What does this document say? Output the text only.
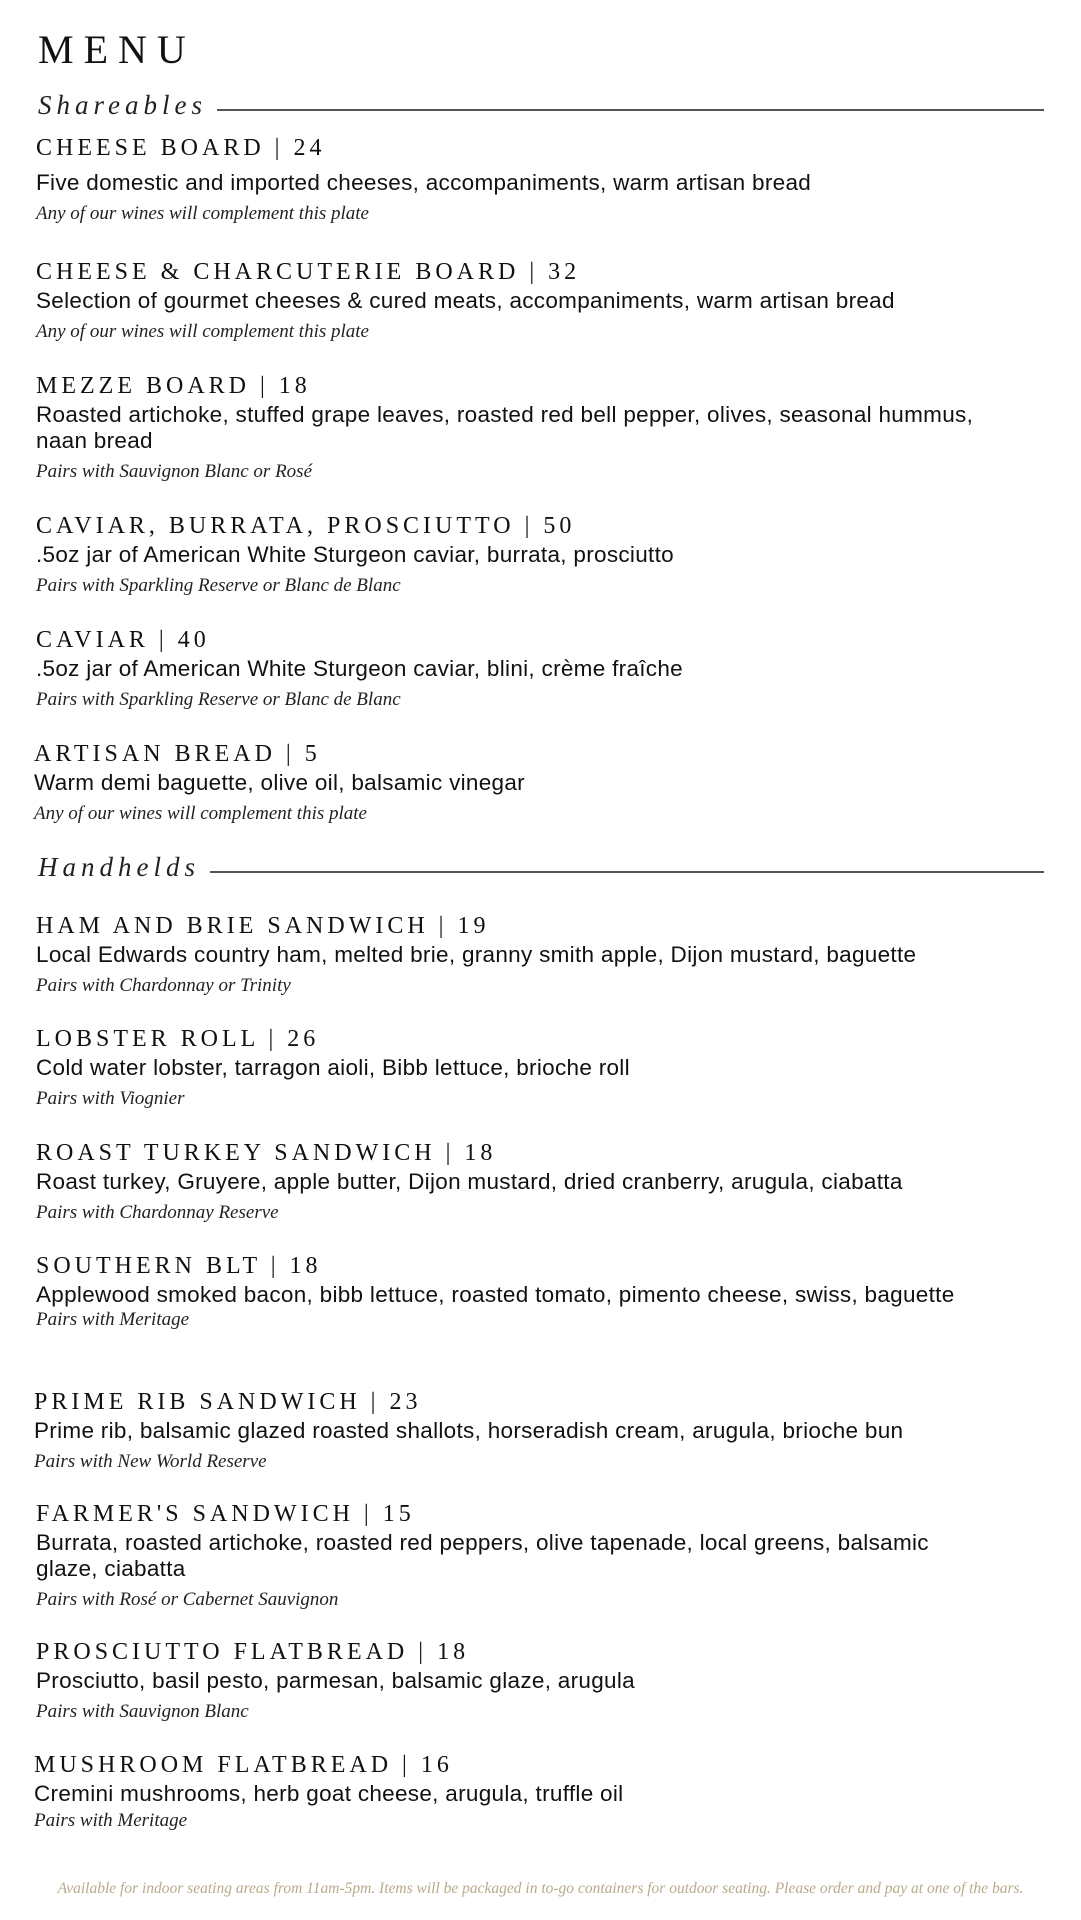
MENU
Shareables
CHEESE BOARD | 24
Five domestic and imported cheeses, accompaniments, warm artisan bread
Any of our wines will complement this plate
CHEESE & CHARCUTERIE BOARD | 32
Selection of gourmet cheeses & cured meats, accompaniments, warm artisan bread
Any of our wines will complement this plate
MEZZE BOARD | 18
Roasted artichoke, stuffed grape leaves, roasted red bell pepper, olives, seasonal hummus, naan bread
Pairs with Sauvignon Blanc or Rosé
CAVIAR, BURRATA, PROSCIUTTO | 50
.5oz jar of American White Sturgeon caviar, burrata, prosciutto
Pairs with Sparkling Reserve or Blanc de Blanc
CAVIAR | 40
.5oz jar of American White Sturgeon caviar, blini, crème fraîche
Pairs with Sparkling Reserve or Blanc de Blanc
ARTISAN BREAD | 5
Warm demi baguette, olive oil, balsamic vinegar
Any of our wines will complement this plate
Handhelds
HAM AND BRIE SANDWICH | 19
Local Edwards country ham, melted brie, granny smith apple, Dijon mustard, baguette
Pairs with Chardonnay or Trinity
LOBSTER ROLL | 26
Cold water lobster, tarragon aioli, Bibb lettuce, brioche roll
Pairs with Viognier
ROAST TURKEY SANDWICH | 18
Roast turkey, Gruyere, apple butter, Dijon mustard, dried cranberry, arugula, ciabatta
Pairs with Chardonnay Reserve
SOUTHERN BLT | 18
Applewood smoked bacon, bibb lettuce, roasted tomato, pimento cheese, swiss, baguette
Pairs with Meritage
PRIME RIB SANDWICH | 23
Prime rib, balsamic glazed roasted shallots, horseradish cream, arugula, brioche bun
Pairs with New World Reserve
FARMER'S SANDWICH | 15
Burrata, roasted artichoke, roasted red peppers, olive tapenade, local greens, balsamic glaze, ciabatta
Pairs with Rosé or Cabernet Sauvignon
PROSCIUTTO FLATBREAD | 18
Prosciutto, basil pesto, parmesan, balsamic glaze, arugula
Pairs with Sauvignon Blanc
MUSHROOM FLATBREAD | 16
Cremini mushrooms, herb goat cheese, arugula, truffle oil
Pairs with Meritage
Available for indoor seating areas from 11am-5pm. Items will be packaged in to-go containers for outdoor seating. Please order and pay at one of the bars.
